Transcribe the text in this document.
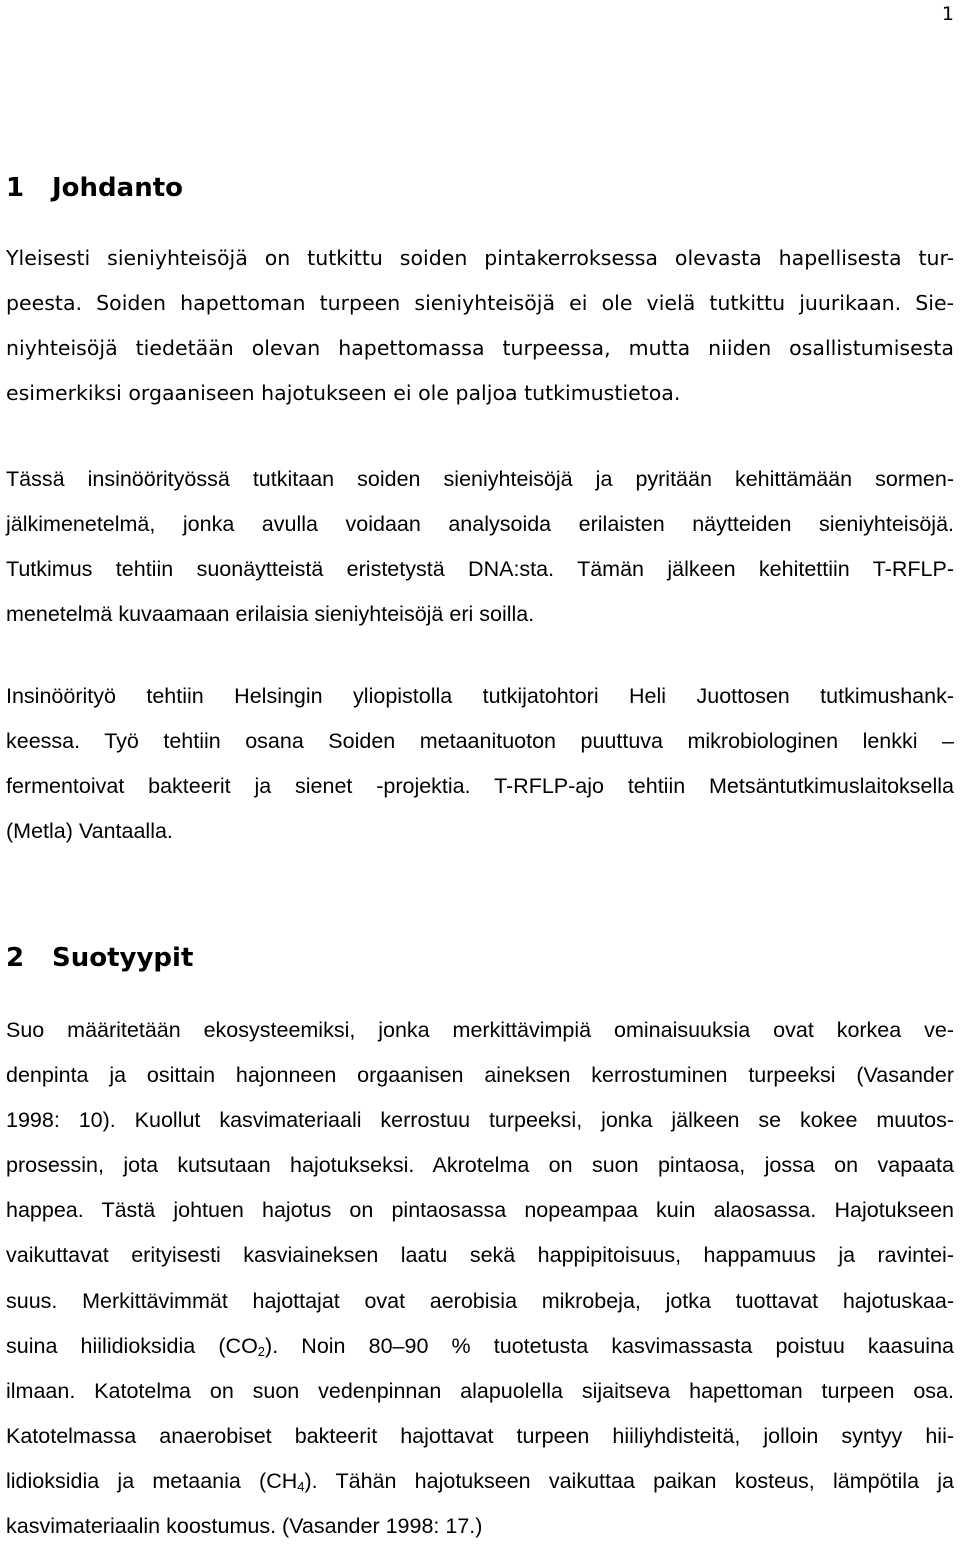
1
1 Johdanto
Yleisesti sieniyhteisöjä on tutkittu soiden pintakerroksessa olevasta hapellisesta tur-
peesta. Soiden hapettoman turpeen sieniyhteisöjä ei ole vielä tutkittu juurikaan. Sie-
niyhteisöjä tiedetään olevan hapettomassa turpeessa, mutta niiden osallistumisesta
esimerkiksi orgaaniseen hajotukseen ei ole paljoa tutkimustietoa.
Tässä insinöörityössä tutkitaan soiden sieniyhteisöjä ja pyritään kehittämään sormen-
jälkimenetelmä, jonka avulla voidaan analysoida erilaisten näytteiden sieniyhteisöjä.
Tutkimus tehtiin suonäytteistä eristetystä DNA:sta. Tämän jälkeen kehitettiin T-RFLP-
menetelmä kuvaamaan erilaisia sieniyhteisöjä eri soilla.
Insinöörityö tehtiin Helsingin yliopistolla tutkijatohtori Heli Juottosen tutkimushank-
keessa. Työ tehtiin osana Soiden metaanituoton puuttuva mikrobiologinen lenkki –
fermentoivat bakteerit ja sienet -projektia. T-RFLP-ajo tehtiin Metsäntutkimuslaitoksella
(Metla) Vantaalla.
2 Suotyypit
Suo määritetään ekosysteemiksi, jonka merkittävimpiä ominaisuuksia ovat korkea ve-
denpinta ja osittain hajonneen orgaanisen aineksen kerrostuminen turpeeksi (Vasander
1998: 10). Kuollut kasvimateriaali kerrostuu turpeeksi, jonka jälkeen se kokee muutos-
prosessin, jota kutsutaan hajotukseksi. Akrotelma on suon pintaosa, jossa on vapaata
happea. Tästä johtuen hajotus on pintaosassa nopeampaa kuin alaosassa. Hajotukseen
vaikuttavat erityisesti kasviaineksen laatu sekä happipitoisuus, happamuus ja ravintei-
suus. Merkittävimmät hajottajat ovat aerobisia mikrobeja, jotka tuottavat hajotuskaa-
suina hiilidioksidia $(CO_2)$. Noin 80–90 % tuotetusta kasvimassasta poistuu kaasuina
ilmaan. Katotelma on suon vedenpinnan alapuolella sijaitseva hapettoman turpeen osa.
Katotelmassa anaerobiset bakteerit hajottavat turpeen hiiliyhdisteitä, jolloin syntyy hii-
lidioksidia ja metaania $(CH_4)$. Tähän hajotukseen vaikuttaa paikan kosteus, lämpötila ja
kasvimateriaalin koostumus. (Vasander 1998: 17.)
